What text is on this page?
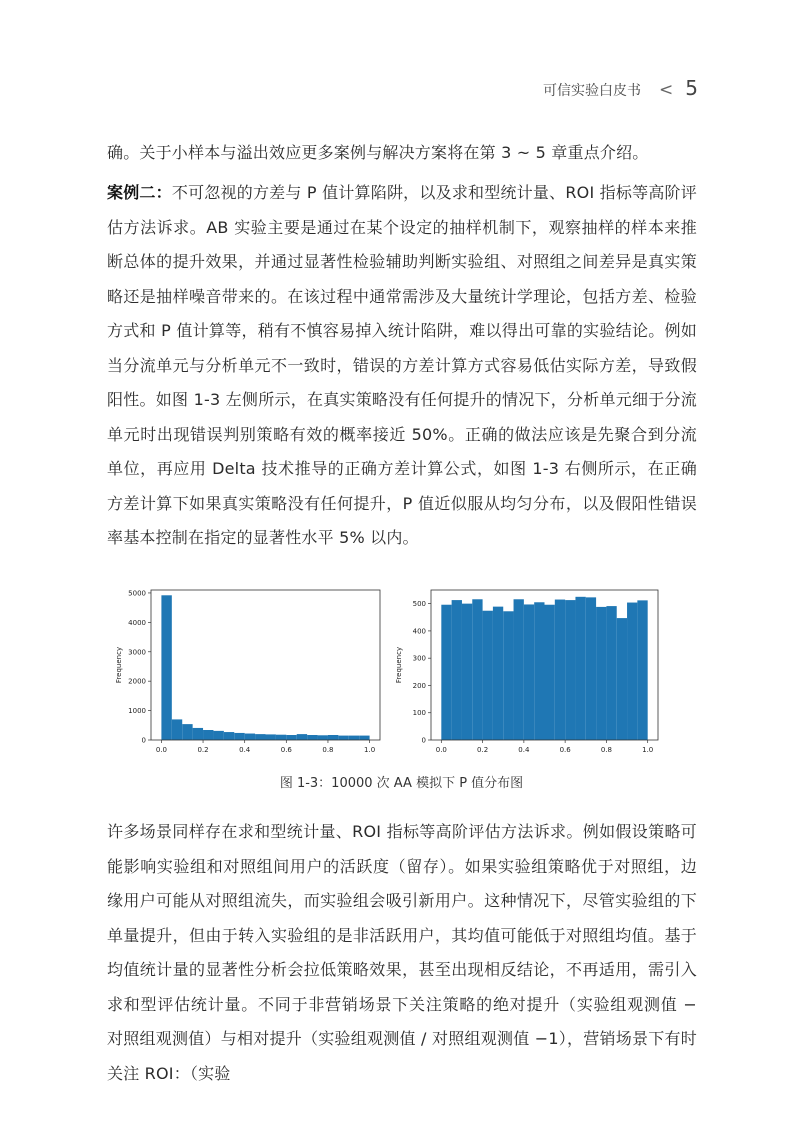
可信实验白皮书 < 5

确。关于小样本与溢出效应更多案例与解决方案将在第 3 ~ 5 章重点介绍。

案例二：不可忽视的方差与 P 值计算陷阱，以及求和型统计量、ROI 指标等高阶评估方法诉求。AB 实验主要是通过在某个设定的抽样机制下，观察抽样的样本来推断总体的提升效果，并通过显著性检验辅助判断实验组、对照组之间差异是真实策略还是抽样噪音带来的。在该过程中通常需涉及大量统计学理论，包括方差、检验方式和 P 值计算等，稍有不慎容易掉入统计陷阱，难以得出可靠的实验结论。例如当分流单元与分析单元不一致时，错误的方差计算方式容易低估实际方差，导致假阳性。如图 1-3 左侧所示，在真实策略没有任何提升的情况下，分析单元细于分流单元时出现错误判别策略有效的概率接近 50%。正确的做法应该是先聚合到分流单位，再应用 Delta 技术推导的正确方差计算公式，如图 1-3 右侧所示，在正确方差计算下如果真实策略没有任何提升，P 值近似服从均匀分布，以及假阳性错误率基本控制在指定的显著性水平 5% 以内。

0.0	0.2	0.4	0.6	0.8	1.0
0
1000
2000
3000
4000
5000
Frequency
0.0	0.2	0.4	0.6	0.8	1.0
0
100
200
300
400
500
Frequency
图 1-3：10000 次 AA 模拟下 P 值分布图

许多场景同样存在求和型统计量、ROI 指标等高阶评估方法诉求。例如假设策略可能影响实验组和对照组间用户的活跃度（留存）。如果实验组策略优于对照组，边缘用户可能从对照组流失，而实验组会吸引新用户。这种情况下，尽管实验组的下单量提升，但由于转入实验组的是非活跃用户，其均值可能低于对照组均值。基于均值统计量的显著性分析会拉低策略效果，甚至出现相反结论，不再适用，需引入求和型评估统计量。不同于非营销场景下关注策略的绝对提升（实验组观测值 − 对照组观测值）与相对提升（实验组观测值 / 对照组观测值 −1），营销场景下有时关注 ROI：（实验
